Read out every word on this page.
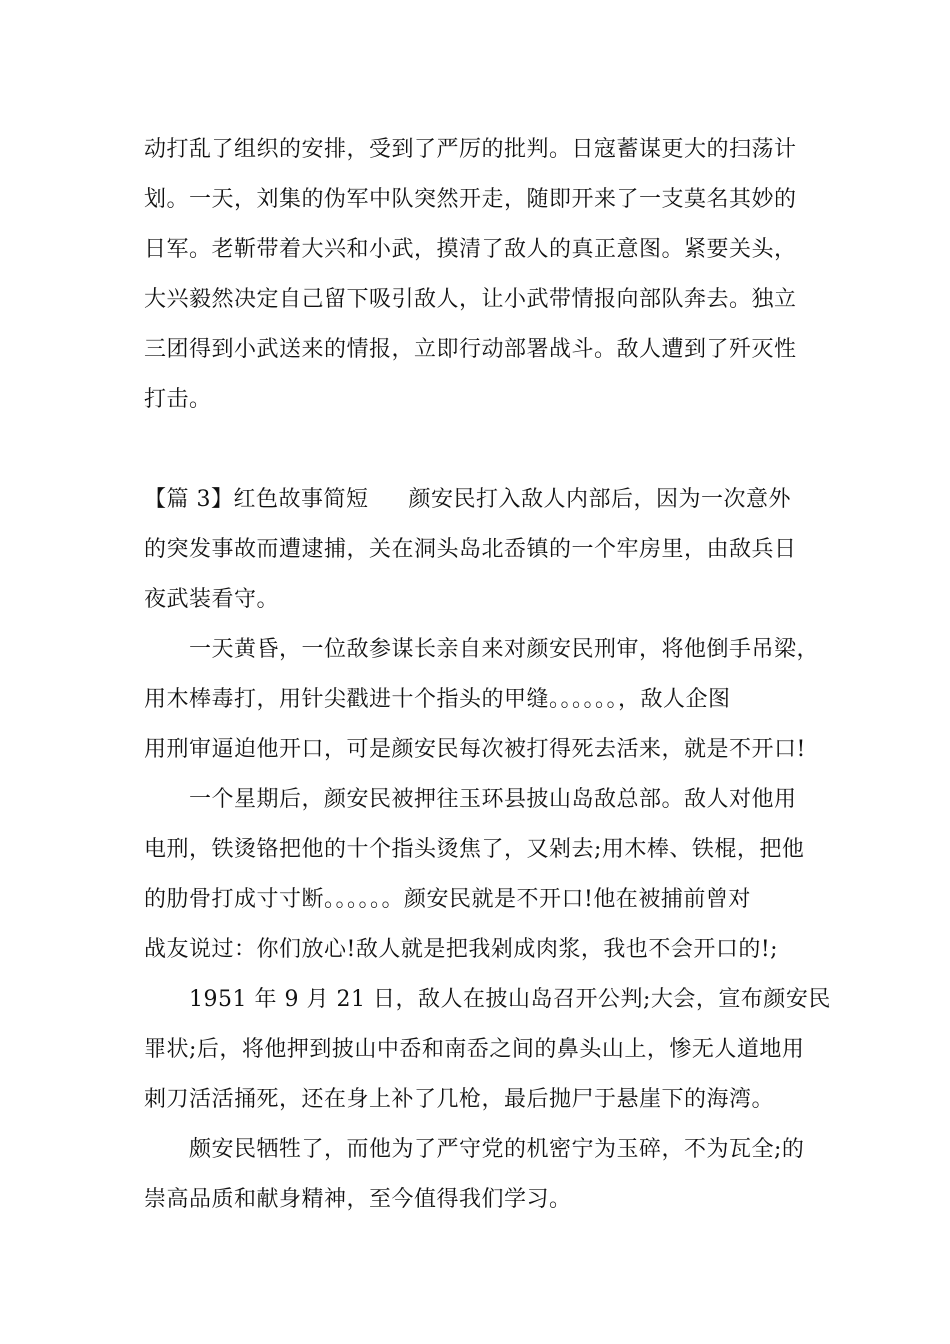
动打乱了组织的安排，受到了严厉的批判。日寇蓄谋更大的扫荡计
划。一天，刘集的伪军中队突然开走，随即开来了一支莫名其妙的
日军。老靳带着大兴和小武，摸清了敌人的真正意图。紧要关头，
大兴毅然决定自己留下吸引敌人，让小武带情报向部队奔去。独立
三团得到小武送来的情报，立即行动部署战斗。敌人遭到了歼灭性
打击。
【篇 3】红色故事简短 颜安民打入敌人内部后，因为一次意外
的突发事故而遭逮捕，关在洞头岛北岙镇的一个牢房里，由敌兵日
夜武装看守。
一天黄昏，一位敌参谋长亲自来对颜安民刑审，将他倒手吊梁，
用木棒毒打，用针尖戳进十个指头的甲缝。。。。。。，敌人企图
用刑审逼迫他开口，可是颜安民每次被打得死去活来，就是不开口!
一个星期后，颜安民被押往玉环县披山岛敌总部。敌人对他用
电刑，铁烫铬把他的十个指头烫焦了，又剁去;用木棒、铁棍，把他
的肋骨打成寸寸断。。。。。。颜安民就是不开口!他在被捕前曾对
战友说过：你们放心!敌人就是把我剁成肉浆，我也不会开口的!;
1951 年 9 月 21 日，敌人在披山岛召开公判;大会，宣布颜安民
罪状;后，将他押到披山中岙和南岙之间的鼻头山上，惨无人道地用
刺刀活活捅死，还在身上补了几枪，最后抛尸于悬崖下的海湾。
颇安民牺牲了，而他为了严守党的机密宁为玉碎，不为瓦全;的
崇高品质和献身精神，至今值得我们学习。
